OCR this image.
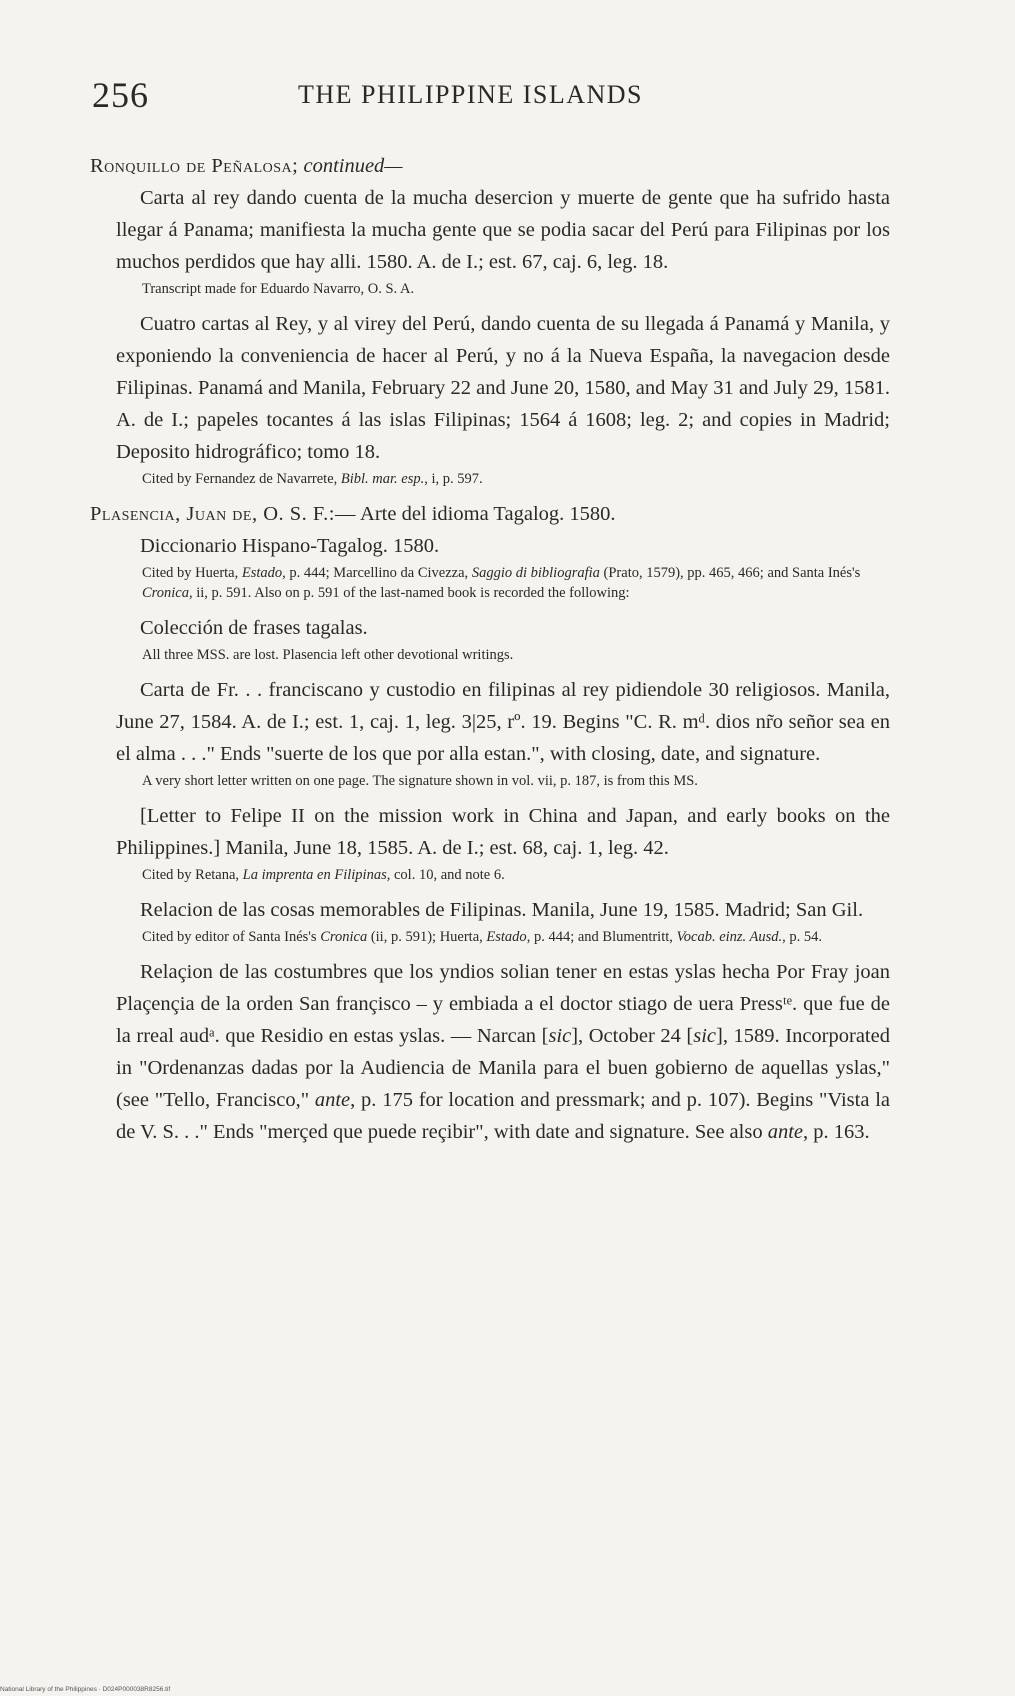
256	THE PHILIPPINE ISLANDS

Ronquillo de Peñalosa; continued—

Carta al rey dando cuenta de la mucha desercion y muerte de gente que ha sufrido hasta llegar á Panama; manifiesta la mucha gente que se podia sacar del Perú para Filipinas por los muchos perdidos que hay alli. 1580. A. de I.; est. 67, caj. 6, leg. 18.

Transcript made for Eduardo Navarro, O. S. A.

Cuatro cartas al Rey, y al virey del Perú, dando cuenta de su llegada á Panamá y Manila, y exponiendo la conveniencia de hacer al Perú, y no á la Nueva España, la navegacion desde Filipinas. Panamá and Manila, February 22 and June 20, 1580, and May 31 and July 29, 1581. A. de I.; papeles tocantes á las islas Filipinas; 1564 á 1608; leg. 2; and copies in Madrid; Deposito hidrográfico; tomo 18.

Cited by Fernandez de Navarrete, Bibl. mar. esp., i, p. 597.

Plasencia, Juan de, O. S. F.:— Arte del idioma Tagalog. 1580.

Diccionario Hispano-Tagalog. 1580.

Cited by Huerta, Estado, p. 444; Marcellino da Civezza, Saggio di bibliografia (Prato, 1579), pp. 465, 466; and Santa Inés's Cronica, ii, p. 591. Also on p. 591 of the last-named book is recorded the following:

Colección de frases tagalas.

All three MSS. are lost. Plasencia left other devotional writings.

Carta de Fr. . . franciscano y custodio en filipinas al rey pidiendole 30 religiosos. Manila, June 27, 1584. A. de I.; est. 1, caj. 1, leg. 3|25, rº. 19. Begins "C. R. mᵈ. dios nr̃o señor sea en el alma . . ." Ends "suerte de los que por alla estan.", with closing, date, and signature.

A very short letter written on one page. The signature shown in vol. vii, p. 187, is from this MS.

[Letter to Felipe II on the mission work in China and Japan, and early books on the Philippines.] Manila, June 18, 1585. A. de I.; est. 68, caj. 1, leg. 42.

Cited by Retana, La imprenta en Filipinas, col. 10, and note 6.

Relacion de las cosas memorables de Filipinas. Manila, June 19, 1585. Madrid; San Gil.

Cited by editor of Santa Inés's Cronica (ii, p. 591); Huerta, Estado, p. 444; and Blumentritt, Vocab. einz. Ausd., p. 54.

Relaçion de las costumbres que los yndios solian tener en estas yslas hecha Por Fray joan Plaçençia de la orden San françisco – y embiada a el doctor stiago de uera Pressᵗᵉ. que fue de la rreal audᵃ. que Residio en estas yslas. — Narcan [sic], October 24 [sic], 1589. Incorporated in "Ordenanzas dadas por la Audiencia de Manila para el buen gobierno de aquellas yslas," (see "Tello, Francisco," ante, p. 175 for location and pressmark; and p. 107). Begins "Vista la de V. S. . ." Ends "merçed que puede reçibir", with date and signature. See also ante, p. 163.

National Library of the Philippines · D024P000038R8256.tif
